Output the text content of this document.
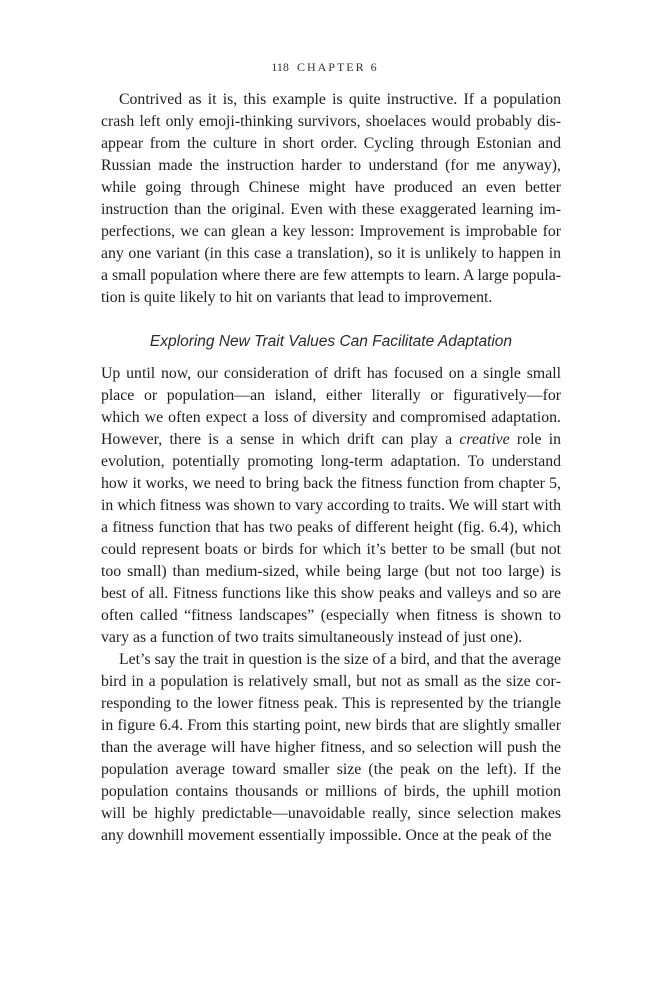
118 CHAPTER 6

Contrived as it is, this example is quite instructive. If a population crash left only emoji-thinking survivors, shoelaces would probably disappear from the culture in short order. Cycling through Estonian and Russian made the instruction harder to understand (for me anyway), while going through Chinese might have produced an even better instruction than the original. Even with these exaggerated learning imperfections, we can glean a key lesson: Improvement is improbable for any one variant (in this case a translation), so it is unlikely to happen in a small population where there are few attempts to learn. A large population is quite likely to hit on variants that lead to improvement.

Exploring New Trait Values Can Facilitate Adaptation

Up until now, our consideration of drift has focused on a single small place or population—an island, either literally or figuratively—for which we often expect a loss of diversity and compromised adaptation. However, there is a sense in which drift can play a creative role in evolution, potentially promoting long-term adaptation. To understand how it works, we need to bring back the fitness function from chapter 5, in which fitness was shown to vary according to traits. We will start with a fitness function that has two peaks of different height (fig. 6.4), which could represent boats or birds for which it’s better to be small (but not too small) than medium-sized, while being large (but not too large) is best of all. Fitness functions like this show peaks and valleys and so are often called “fitness landscapes” (especially when fitness is shown to vary as a function of two traits simultaneously instead of just one).

Let’s say the trait in question is the size of a bird, and that the average bird in a population is relatively small, but not as small as the size corresponding to the lower fitness peak. This is represented by the triangle in figure 6.4. From this starting point, new birds that are slightly smaller than the average will have higher fitness, and so selection will push the population average toward smaller size (the peak on the left). If the population contains thousands or millions of birds, the uphill motion will be highly predictable—unavoidable really, since selection makes any downhill movement essentially impossible. Once at the peak of the
